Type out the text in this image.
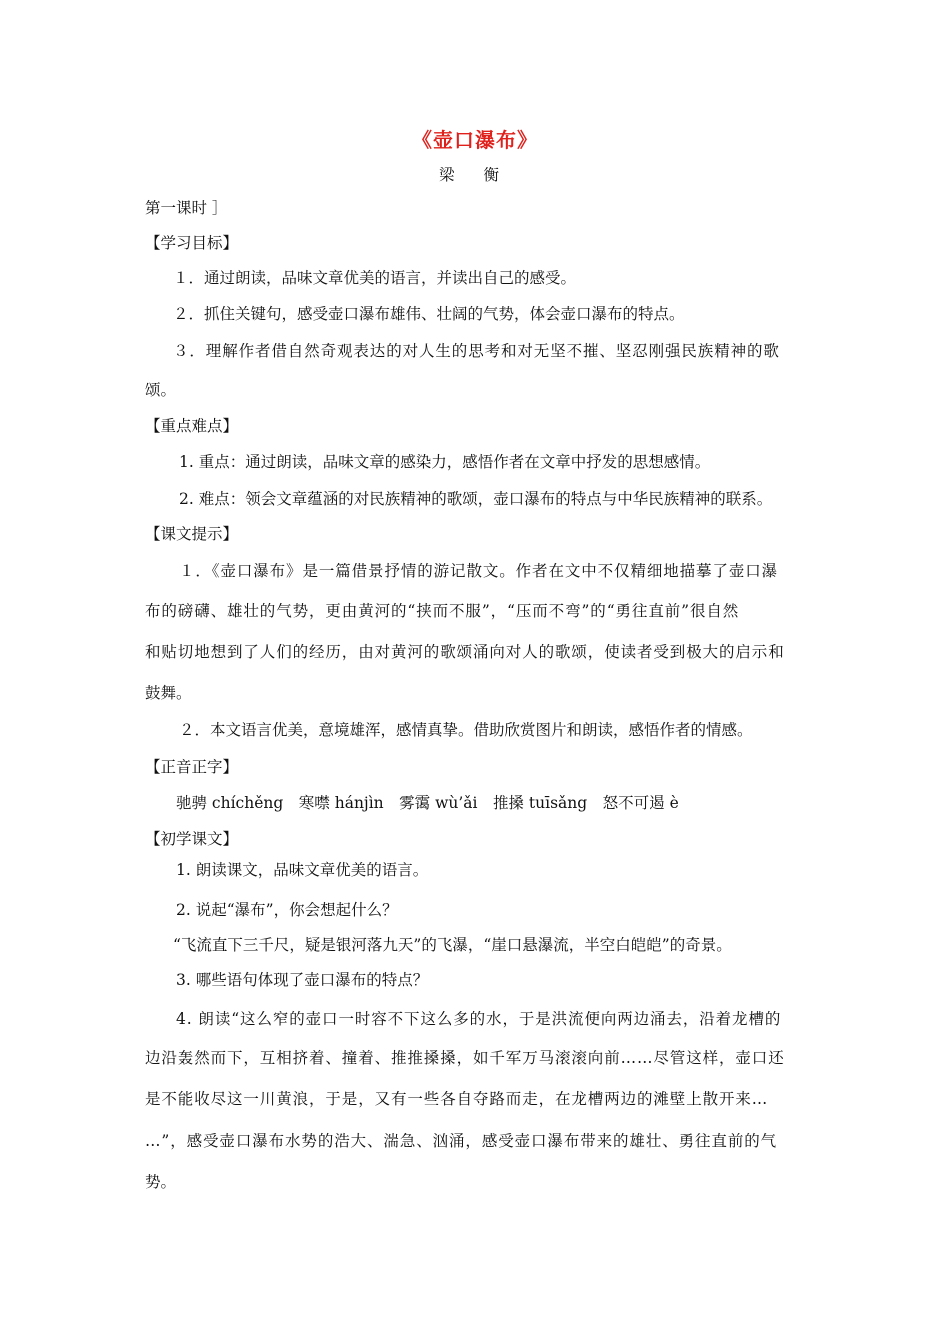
《壶口瀑布》
梁 衡
第一课时 ］
【学习目标】
１．通过朗读，品味文章优美的语言，并读出自己的感受。
２．抓住关键句，感受壶口瀑布雄伟、壮阔的气势，体会壶口瀑布的特点。
３．理解作者借自然奇观表达的对人生的思考和对无坚不摧、坚忍刚强民族精神的歌
颂。
【重点难点】
1. 重点：通过朗读，品味文章的感染力，感悟作者在文章中抒发的思想感情。
2. 难点：领会文章蕴涵的对民族精神的歌颂，壶口瀑布的特点与中华民族精神的联系。
【课文提示】
１．《壶口瀑布》是一篇借景抒情的游记散文。作者在文中不仅精细地描摹了壶口瀑
布的磅礴、雄壮的气势，更由黄河的“挟而不服”，“压而不弯”的“勇往直前”很自然
和贴切地想到了人们的经历，由对黄河的歌颂涌向对人的歌颂，使读者受到极大的启示和
鼓舞。
２．本文语言优美，意境雄浑，感情真挚。借助欣赏图片和朗读，感悟作者的情感。
【正音正字】
驰骋 chíchěng　寒噤 hánjìn　雾霭 wù’ǎi　推搡 tuīsǎng　怒不可遏 è
【初学课文】
1. 朗读课文，品味文章优美的语言。
2. 说起“瀑布”，你会想起什么？
“飞流直下三千尺，疑是银河落九天”的飞瀑，“崖口悬瀑流，半空白皑皑”的奇景。
3. 哪些语句体现了壶口瀑布的特点？
4. 朗读“这么窄的壶口一时容不下这么多的水，于是洪流便向两边涌去，沿着龙槽的
边沿轰然而下，互相挤着、撞着、推推搡搡，如千军万马滚滚向前……尽管这样，壶口还
是不能收尽这一川黄浪，于是，又有一些各自夺路而走，在龙槽两边的滩壁上散开来…
…”，感受壶口瀑布水势的浩大、湍急、汹涌，感受壶口瀑布带来的雄壮、勇往直前的气
势。
